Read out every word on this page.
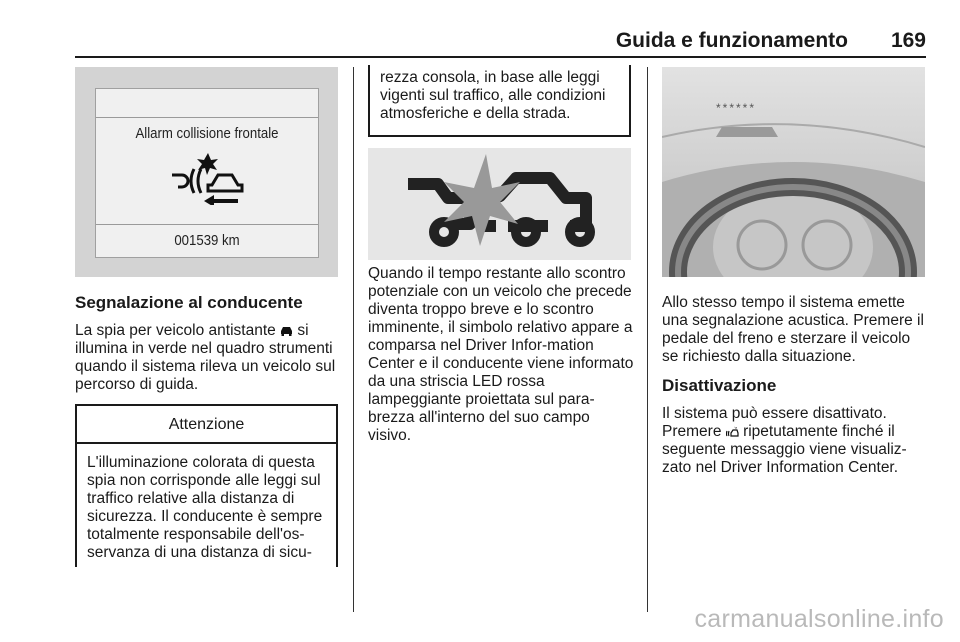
Guida e funzionamento 169
Allarm collisione frontale
001539 km
Segnalazione al conducente
La spia per veicolo antistante si illumina in verde nel quadro strumenti quando il sistema rileva un veicolo sul percorso di guida.
Attenzione
L'illuminazione colorata di questa spia non corrisponde alle leggi sul traffico relative alla distanza di sicurezza. Il conducente è sempre totalmente responsabile dell'os-servanza di una distanza di sicu-
rezza consola, in base alle leggi vigenti sul traffico, alle condizioni atmosferiche e della strada.
Quando il tempo restante allo scontro potenziale con un veicolo che precede diventa troppo breve e lo scontro imminente, il simbolo relativo appare a comparsa nel Driver Infor-mation Center e il conducente viene informato da una striscia LED rossa lampeggiante proiettata sul para-brezza all'interno del suo campo visivo.
******
Allo stesso tempo il sistema emette una segnalazione acustica. Premere il pedale del freno e sterzare il veicolo se richiesto dalla situazione.
Disattivazione
Il sistema può essere disattivato.
Premere ripetutamente finché il seguente messaggio viene visualiz-zato nel Driver Information Center.
carmanualsonline.info
